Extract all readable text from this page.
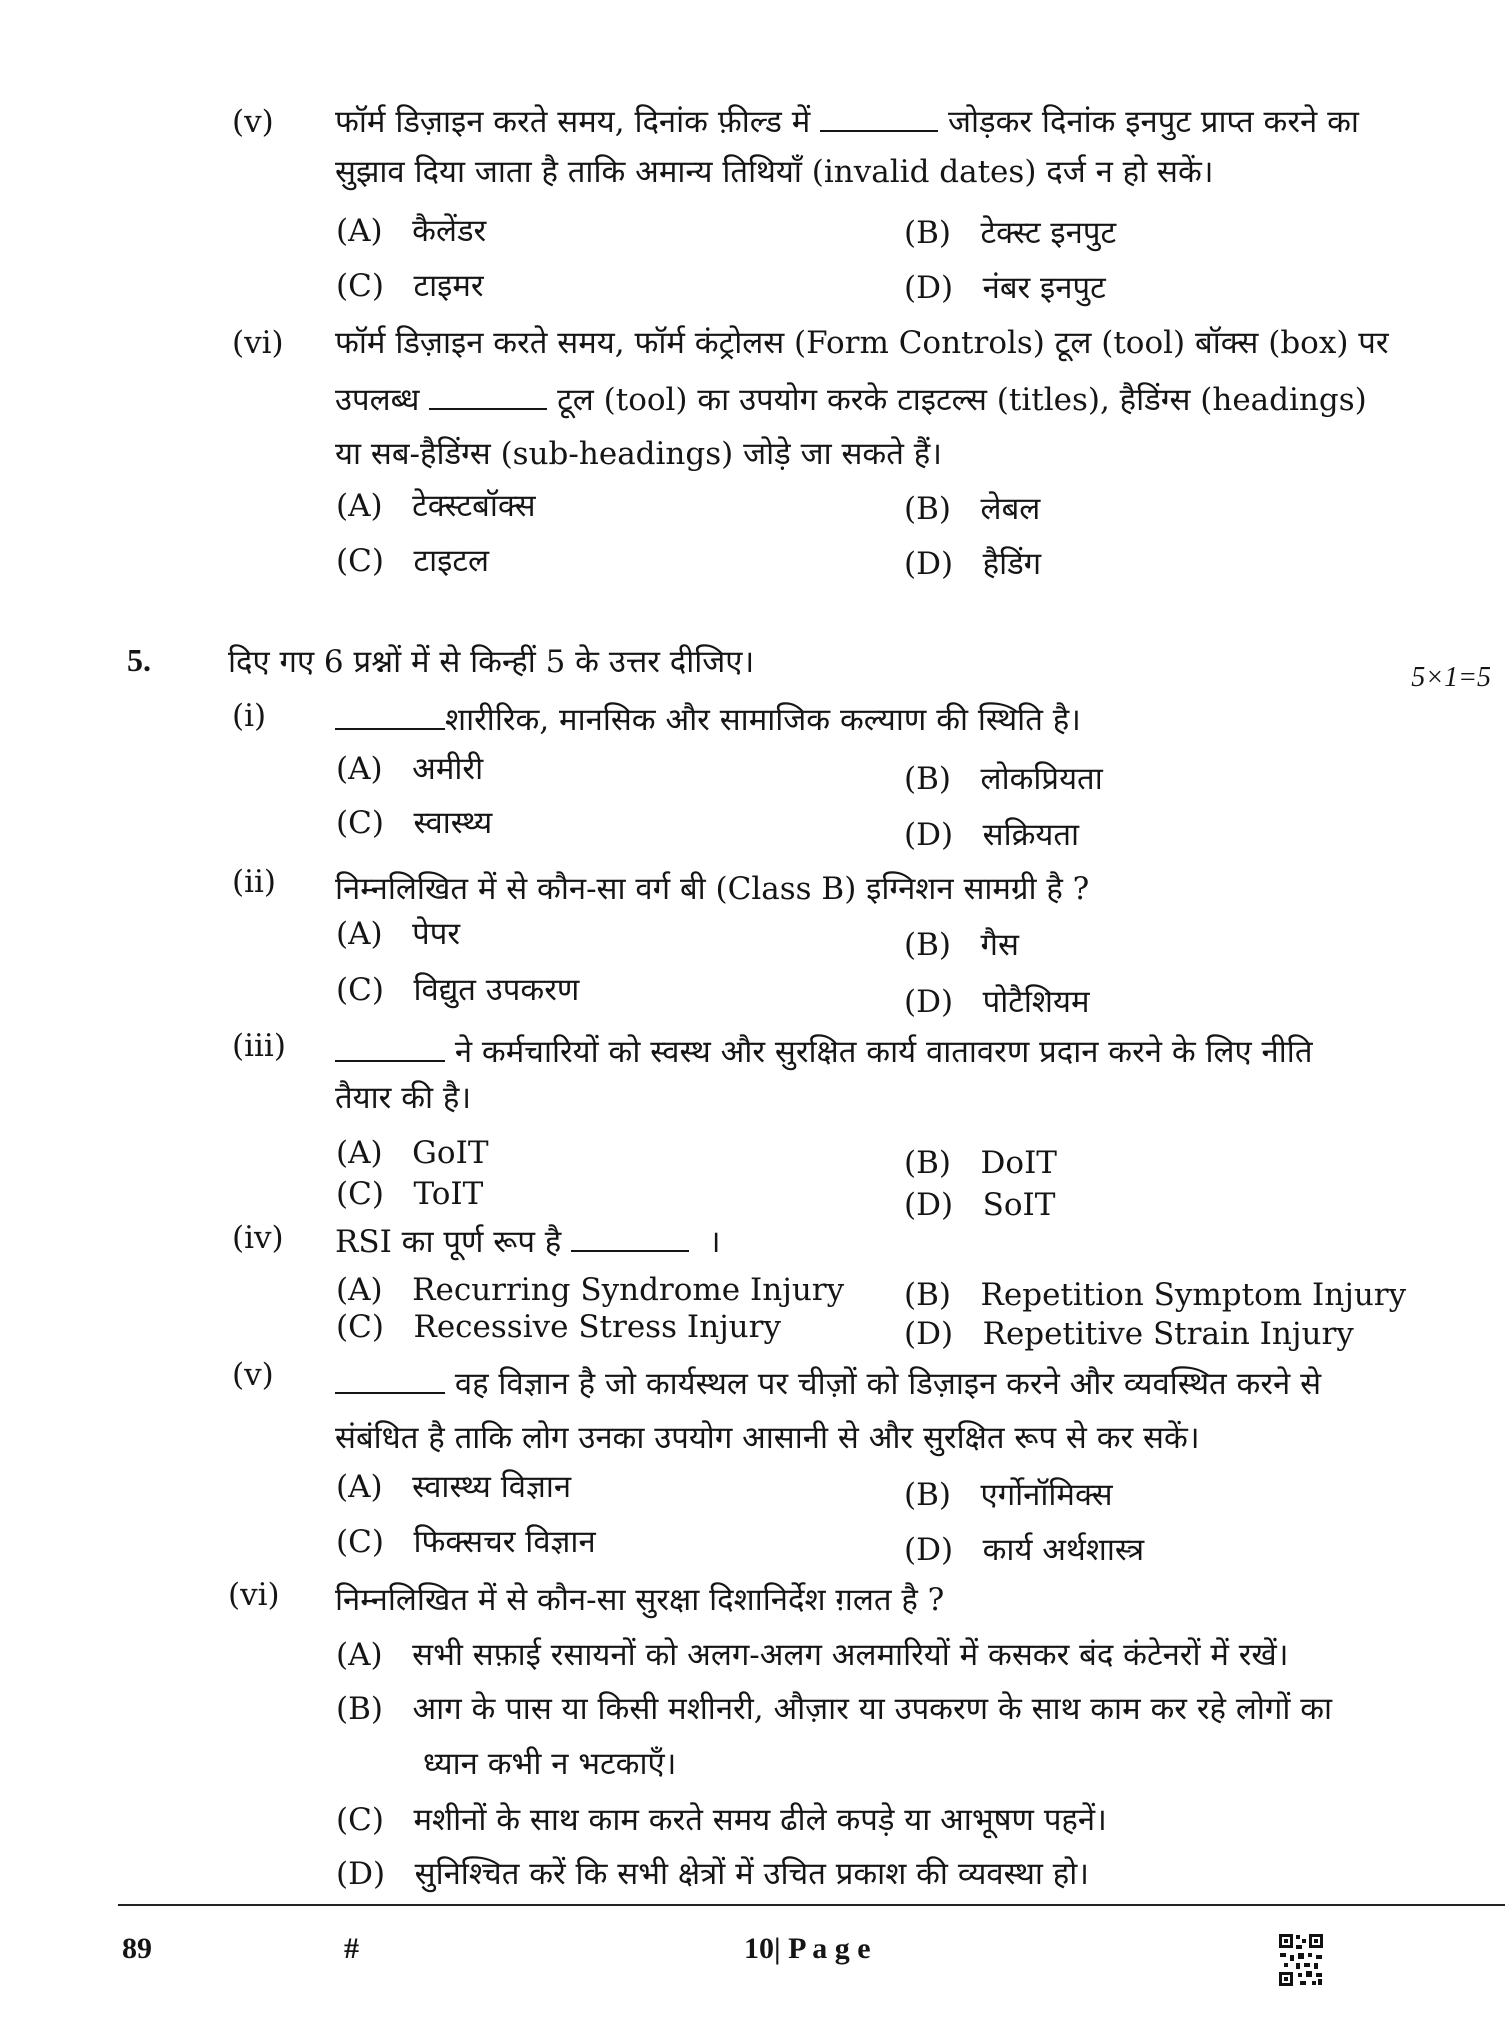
(v) फॉर्म डिज़ाइन करते समय, दिनांक फ़ील्ड में	जोड़कर दिनांक इनपुट प्राप्त करने का
सुझाव दिया जाता है ताकि अमान्य तिथियाँ (invalid dates) दर्ज न हो सकें।
(A) कैलेंडर	(B) टेक्स्ट इनपुट
(C) टाइमर	(D) नंबर इनपुट
(vi) फॉर्म डिज़ाइन करते समय, फॉर्म कंट्रोलस (Form Controls) टूल (tool) बॉक्स (box) पर
उपलब्ध	टूल (tool) का उपयोग करके टाइटल्स (titles), हैडिंग्स (headings)
या सब-हैडिंग्स (sub-headings) जोड़े जा सकते हैं।
(A) टेक्स्टबॉक्स	(B) लेबल
(C) टाइटल	(D) हैडिंग
5. दिए गए 6 प्रश्नों में से किन्हीं 5 के उत्तर दीजिए।	5×1=5
(i)	शारीरिक, मानसिक और सामाजिक कल्याण की स्थिति है।
(A) अमीरी	(B) लोकप्रियता
(C) स्वास्थ्य	(D) सक्रियता
(ii) निम्नलिखित में से कौन-सा वर्ग बी (Class B) इग्निशन सामग्री है ?
(A) पेपर	(B) गैस
(C) विद्युत उपकरण	(D) पोटैशियम
(iii)	ने कर्मचारियों को स्वस्थ और सुरक्षित कार्य वातावरण प्रदान करने के लिए नीति
तैयार की है।
(A) GoIT	(B) DoIT
(C) ToIT	(D) SoIT
(iv) RSI का पूर्ण रूप है	।
(A) Recurring Syndrome Injury (B) Repetition Symptom Injury
(C) Recessive Stress Injury	(D) Repetitive Strain Injury
(v)	वह विज्ञान है जो कार्यस्थल पर चीज़ों को डिज़ाइन करने और व्यवस्थित करने से
संबंधित है ताकि लोग उनका उपयोग आसानी से और सुरक्षित रूप से कर सकें।
(A) स्वास्थ्य विज्ञान	(B) एर्गोनॉमिक्स
(C) फिक्सचर विज्ञान	(D) कार्य अर्थशास्त्र
(vi) निम्नलिखित में से कौन-सा सुरक्षा दिशानिर्देश ग़लत है ?
(A) सभी सफ़ाई रसायनों को अलग-अलग अलमारियों में कसकर बंद कंटेनरों में रखें।
(B) आग के पास या किसी मशीनरी, औज़ार या उपकरण के साथ काम कर रहे लोगों का
ध्यान कभी न भटकाएँ।
(C) मशीनों के साथ काम करते समय ढीले कपड़े या आभूषण पहनें।
(D) सुनिश्चित करें कि सभी क्षेत्रों में उचित प्रकाश की व्यवस्था हो।
89	#	10| P a g e
